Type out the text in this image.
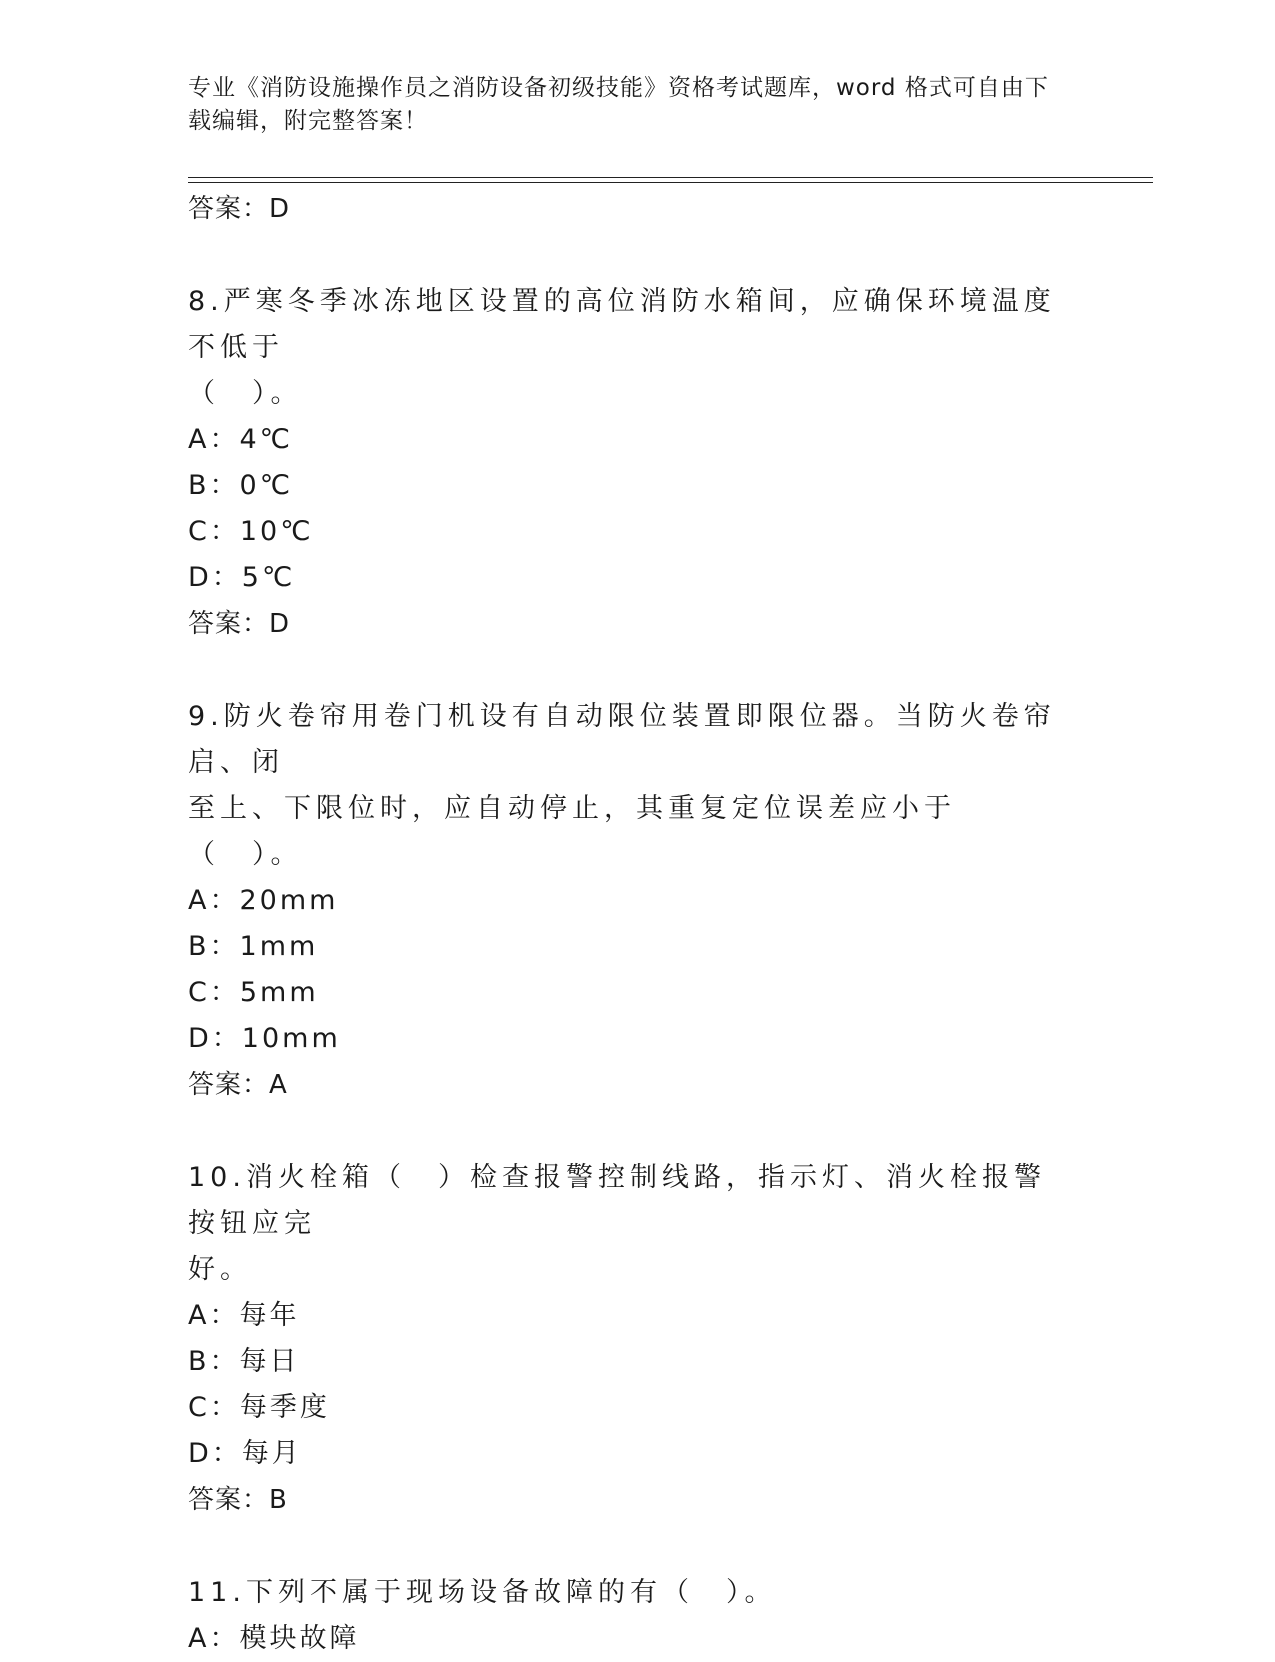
专业《消防设施操作员之消防设备初级技能》资格考试题库，word 格式可自由下
载编辑，附完整答案！
答案：D
8.严寒冬季冰冻地区设置的高位消防水箱间，应确保环境温度不低于
（　）。
A：4℃
B：0℃
C：10℃
D：5℃
答案：D
9.防火卷帘用卷门机设有自动限位装置即限位器。当防火卷帘启、闭
至上、下限位时，应自动停止，其重复定位误差应小于（　）。
A：20mm
B：1mm
C：5mm
D：10mm
答案：A
10.消火栓箱（　）检查报警控制线路，指示灯、消火栓报警按钮应完
好。
A：每年
B：每日
C：每季度
D：每月
答案：B
11.下列不属于现场设备故障的有（　）。
A：模块故障
